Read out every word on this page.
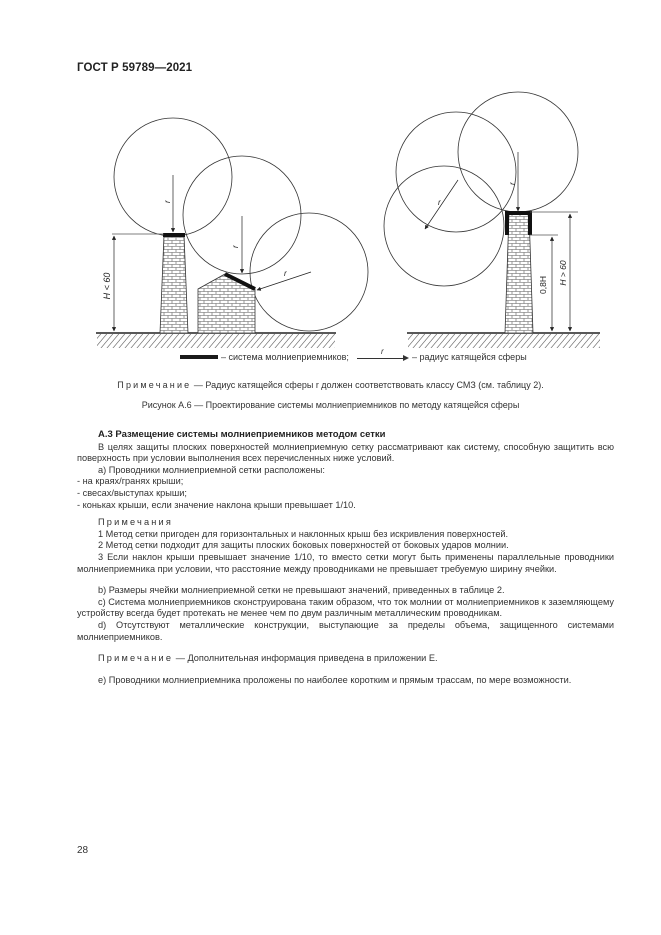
ГОСТ Р 59789—2021
H < 60
r
r
r
0,8H H > 60
r
r
– система молниеприемников;
r
– радиус катящейся сферы
Примечание — Радиус катящейся сферы r должен соответствовать классу СМЗ (см. таблицу 2).
Рисунок А.6 — Проектирование системы молниеприемников по методу катящейся сферы

А.3 Размещение системы молниеприемников методом сетки

В целях защиты плоских поверхностей молниеприемную сетку рассматривают как систему, способную защитить всю поверхность при условии выполнения всех перечисленных ниже условий.

a) Проводники молниеприемной сетки расположены:

- на краях/гранях крыши;

- свесах/выступах крыши;

- коньках крыши, если значение наклона крыши превышает 1/10.

Примечания

1 Метод сетки пригоден для горизонтальных и наклонных крыш без искривления поверхностей.

2 Метод сетки подходит для защиты плоских боковых поверхностей от боковых ударов молнии.

3 Если наклон крыши превышает значение 1/10, то вместо сетки могут быть применены параллельные проводники молниеприемника при условии, что расстояние между проводниками не превышает требуемую ширину ячейки.

b) Размеры ячейки молниеприемной сетки не превышают значений, приведенных в таблице 2.

c) Система молниеприемников сконструирована таким образом, что ток молнии от молниеприемников к заземляющему устройству всегда будет протекать не менее чем по двум различным металлическим проводникам.

d) Отсутствуют металлические конструкции, выступающие за пределы объема, защищенного системами молниеприемников.

Примечание — Дополнительная информация приведена в приложении Е.

e) Проводники молниеприемника проложены по наиболее коротким и прямым трассам, по мере возможности.

28
